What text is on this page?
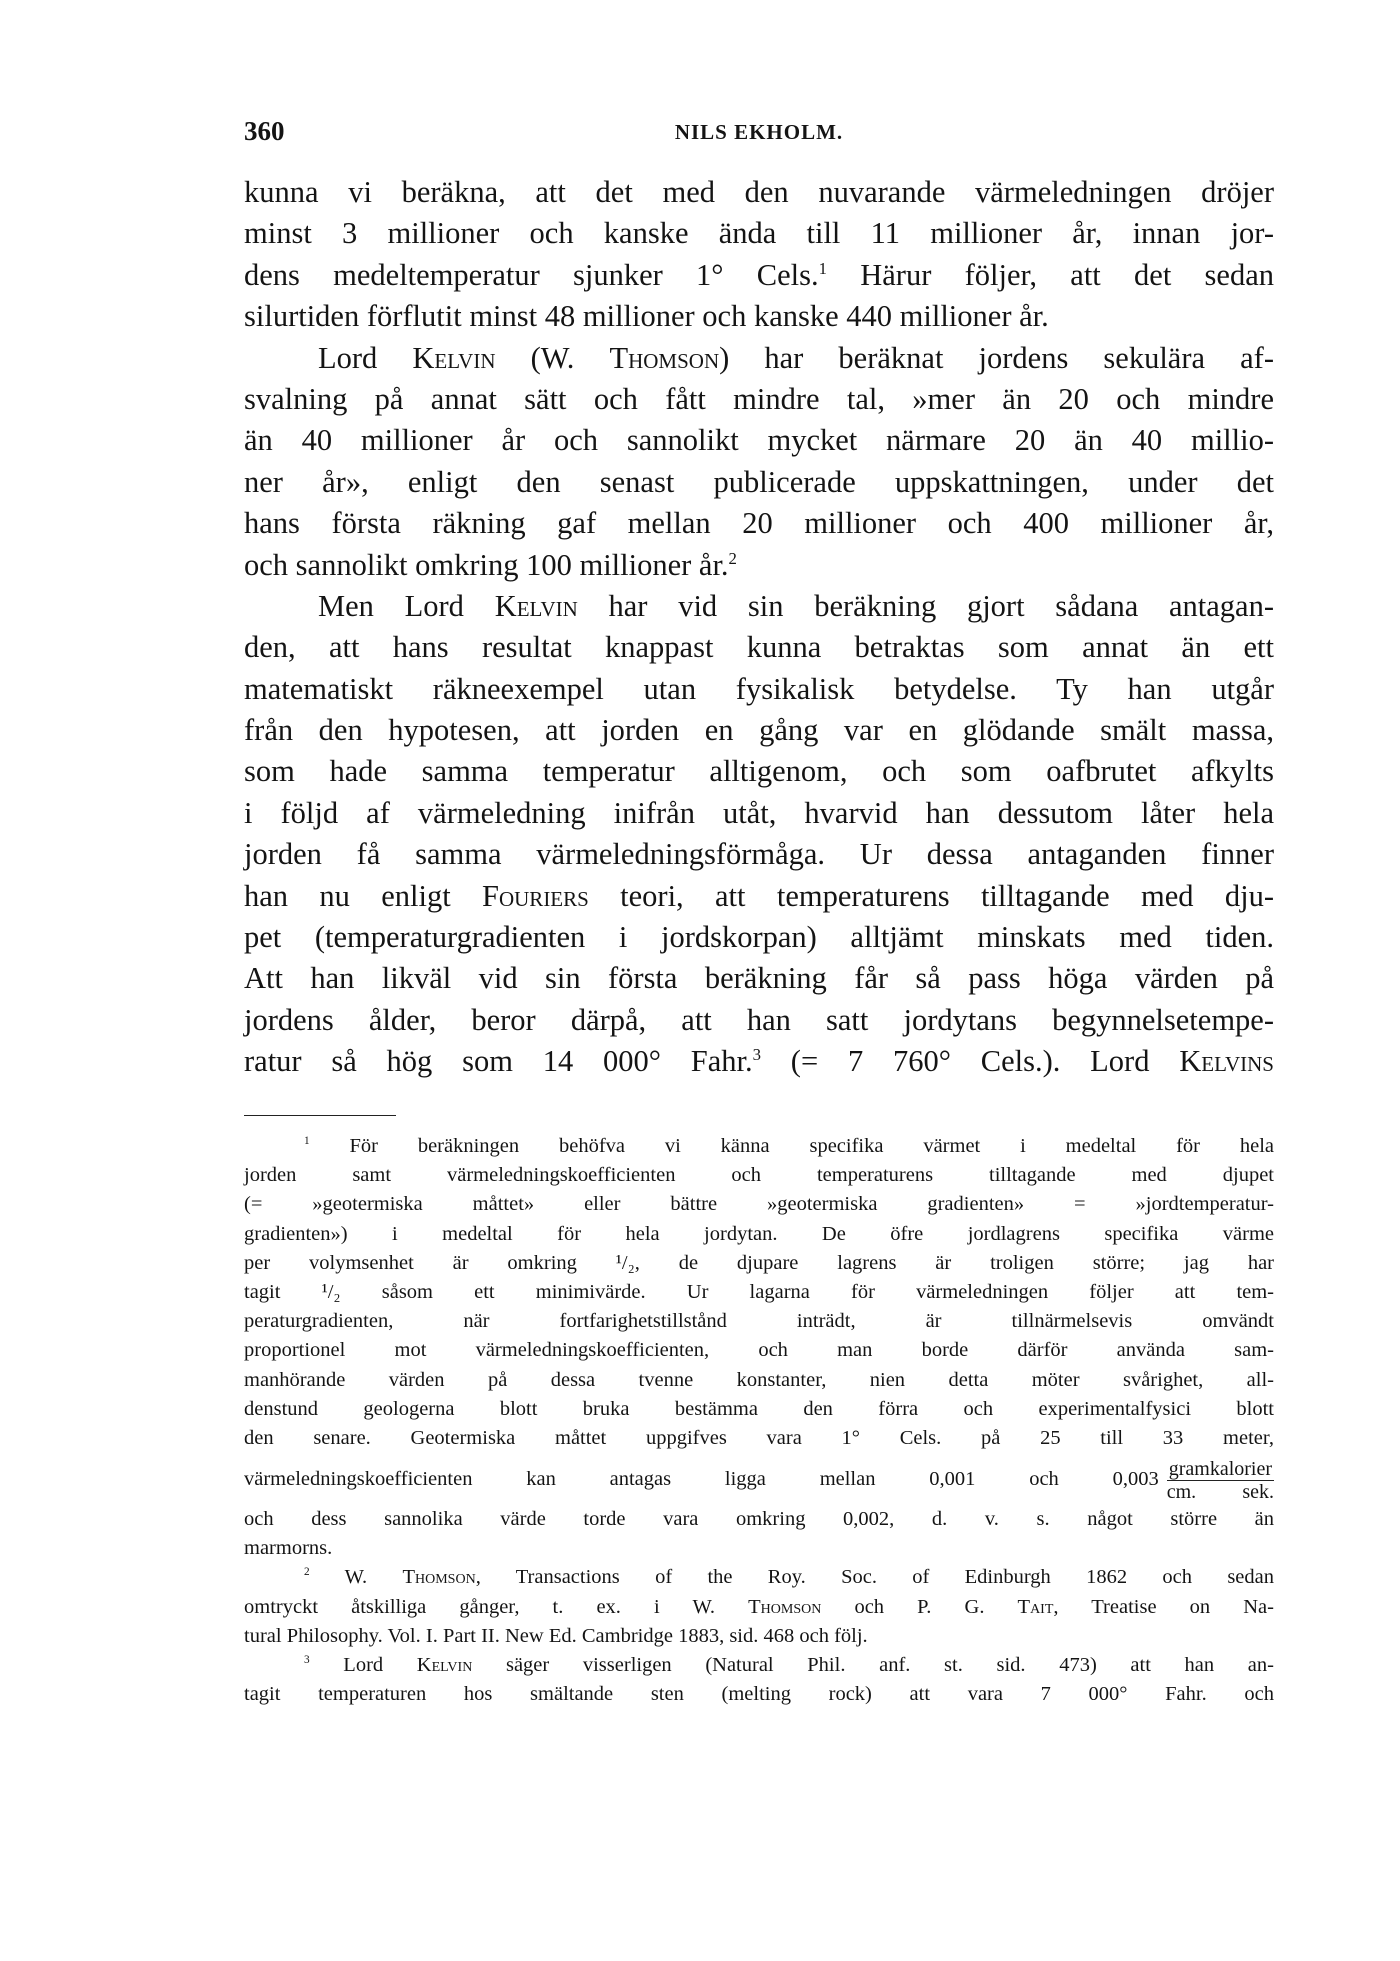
360	NILS EKHOLM.
kunna vi beräkna, att det med den nuvarande värmeledningen dröjer
minst 3 millioner och kanske ända till 11 millioner år, innan jor-
dens medeltemperatur sjunker 1° Cels.$^1$ Härur följer, att det sedan
silurtiden förflutit minst 48 millioner och kanske 440 millioner år.
Lord Kelvin (W. Thomson) har beräknat jordens sekulära af-
svalning på annat sätt och fått mindre tal, »mer än 20 och mindre
än 40 millioner år och sannolikt mycket närmare 20 än 40 millio-
ner år», enligt den senast publicerade uppskattningen, under det
hans första räkning gaf mellan 20 millioner och 400 millioner år,
och sannolikt omkring 100 millioner år.$^2$
Men Lord Kelvin har vid sin beräkning gjort sådana antagan-
den, att hans resultat knappast kunna betraktas som annat än ett
matematiskt räkneexempel utan fysikalisk betydelse. Ty han utgår
från den hypotesen, att jorden en gång var en glödande smält massa,
som hade samma temperatur alltigenom, och som oafbrutet afkylts
i följd af värmeledning inifrån utåt, hvarvid han dessutom låter hela
jorden få samma värmeledningsförmåga. Ur dessa antaganden finner
han nu enligt Fouriers teori, att temperaturens tilltagande med dju-
pet (temperaturgradienten i jordskorpan) alltjämt minskats med tiden.
Att han likväl vid sin första beräkning får så pass höga värden på
jordens ålder, beror därpå, att han satt jordytans begynnelsetempe-
ratur så hög som 14 000° Fahr.$^3$ (= 7 760° Cels.). Lord Kelvins
$^1$ För beräkningen behöfva vi känna specifika värmet i medeltal för hela
jorden samt värmeledningskoefficienten och temperaturens tilltagande med djupet
(= »geotermiska måttet» eller bättre »geotermiska gradienten» = »jordtemperatur-
gradienten») i medeltal för hela jordytan. De öfre jordlagrens specifika värme
per volymsenhet är omkring ¹/₂, de djupare lagrens är troligen större; jag har
tagit ¹/₂ såsom ett minimivärde. Ur lagarna för värmeledningen följer att tem-
peraturgradienten, när fortfarighetstillstånd inträdt, är tillnärmelsevis omvändt
proportionel mot värmeledningskoefficienten, och man borde därför använda sam-
manhörande värden på dessa tvenne konstanter, nien detta möter svårighet, all-
denstund geologerna blott bruka bestämma den förra och experimentalfysici blott
den senare. Geotermiska måttet uppgifves vara 1° Cels. på 25 till 33 meter,
värmeledningskoefficienten kan antagas ligga mellan 0,001 och $0,003 \frac{\text{gramkalorier}}{\text{cm. sek.}}$
och dess sannolika värde torde vara omkring 0,002, d. v. s. något större än
marmorns.
$^2$ W. Thomson, Transactions of the Roy. Soc. of Edinburgh 1862 och sedan
omtryckt åtskilliga gånger, t. ex. i W. Thomson och P. G. Tait, Treatise on Na-
tural Philosophy. Vol. I. Part II. New Ed. Cambridge 1883, sid. 468 och följ.
$^3$ Lord Kelvin säger visserligen (Natural Phil. anf. st. sid. 473) att han an-
tagit temperaturen hos smältande sten (melting rock) att vara 7 000° Fahr. och
